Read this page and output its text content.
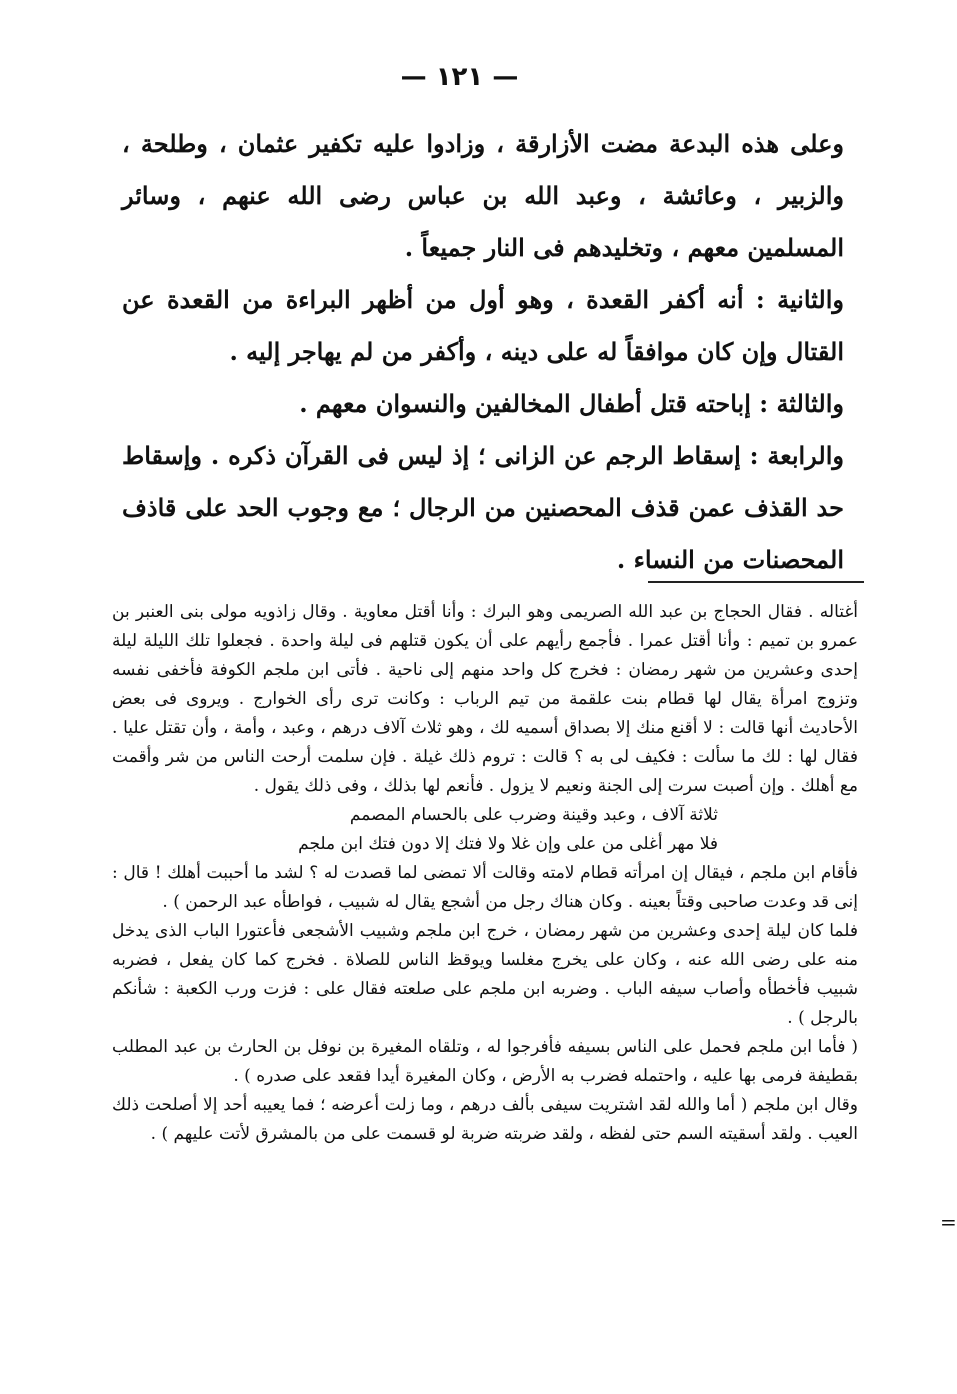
— ١٢١ —

وعلى هذه البدعة مضت الأزارقة ، وزادوا عليه تكفير عثمان ، وطلحة ، والزبير ، وعائشة ، وعبد الله بن عباس رضى الله عنهم ، وسائر المسلمين معهم ، وتخليدهم فى النار جميعاً .

والثانية : أنه أكفر القعدة ، وهو أول من أظهر البراءة من القعدة عن القتال وإن كان موافقاً له على دينه ، وأكفر من لم يهاجر إليه .

والثالثة : إباحته قتل أطفال المخالفين والنسوان معهم .

والرابعة : إسقاط الرجم عن الزانى ؛ إذ ليس فى القرآن ذكره . وإسقاط حد القذف عمن قذف المحصنين من الرجال ؛ مع وجوب الحد على قاذف المحصنات من النساء .

=

أغتاله . فقال الحجاج بن عبد الله الصريمى وهو البرك : وأنا أقتل معاوية . وقال زاذويه مولى بنى العنبر بن عمرو بن تميم : وأنا أقتل عمرا . فأجمع رأيهم على أن يكون قتلهم فى ليلة واحدة . فجعلوا تلك الليلة ليلة إحدى وعشرين من شهر رمضان : فخرج كل واحد منهم إلى ناحية . فأتى ابن ملجم الكوفة فأخفى نفسه وتزوج امرأة يقال لها قطام بنت علقمة من تيم الرباب : وكانت ترى رأى الخوارج . ويروى فى بعض الأحاديث أنها قالت : لا أقنع منك إلا بصداق أسميه لك ، وهو ثلاث آلاف درهم ، وعبد ، وأمة ، وأن تقتل عليا . فقال لها : لك ما سألت : فكيف لى به ؟ قالت : تروم ذلك غيلة . فإن سلمت أرحت الناس من شر وأقمت مع أهلك . وإن أصبت سرت إلى الجنة ونعيم لا يزول . فأنعم لها بذلك ، وفى ذلك يقول .

ثلاثة آلاف ، وعبد وقينة وضرب على بالحسام المصمم

فلا مهر أغلى من على وإن غلا ولا فتك إلا دون فتك ابن ملجم

فأقام ابن ملجم ، فيقال إن امرأته قطام لامته وقالت ألا تمضى لما قصدت له ؟ لشد ما أحببت أهلك ! قال : إنى قد وعدت صاحبى وقتاً بعينه . وكان هناك رجل من أشجع يقال له شبيب ، فواطأه عبد الرحمن ) .

فلما كان ليلة إحدى وعشرين من شهر رمضان ، خرج ابن ملجم وشبيب الأشجعى فأعتورا الباب الذى يدخل منه على رضى الله عنه ، وكان على يخرج مغلسا ويوقظ الناس للصلاة . فخرج كما كان يفعل ، فضربه شبيب فأخطأه وأصاب سيفه الباب . وضربه ابن ملجم على صلعته فقال على : فزت ورب الكعبة : شأنكم بالرجل ) .

( فأما ابن ملجم فحمل على الناس بسيفه فأفرجوا له ، وتلقاه المغيرة بن نوفل بن الحارث بن عبد المطلب بقطيفة فرمى بها عليه ، واحتمله فضرب به الأرض ، وكان المغيرة أيدا فقعد على صدره ) .

وقال ابن ملجم ( أما والله لقد اشتريت سيفى بألف درهم ، وما زلت أعرضه ؛ فما يعيبه أحد إلا أصلحت ذلك العيب . ولقد أسقيته السم حتى لفظه ، ولقد ضربته ضربة لو قسمت على من بالمشرق لأتت عليهم ) .
